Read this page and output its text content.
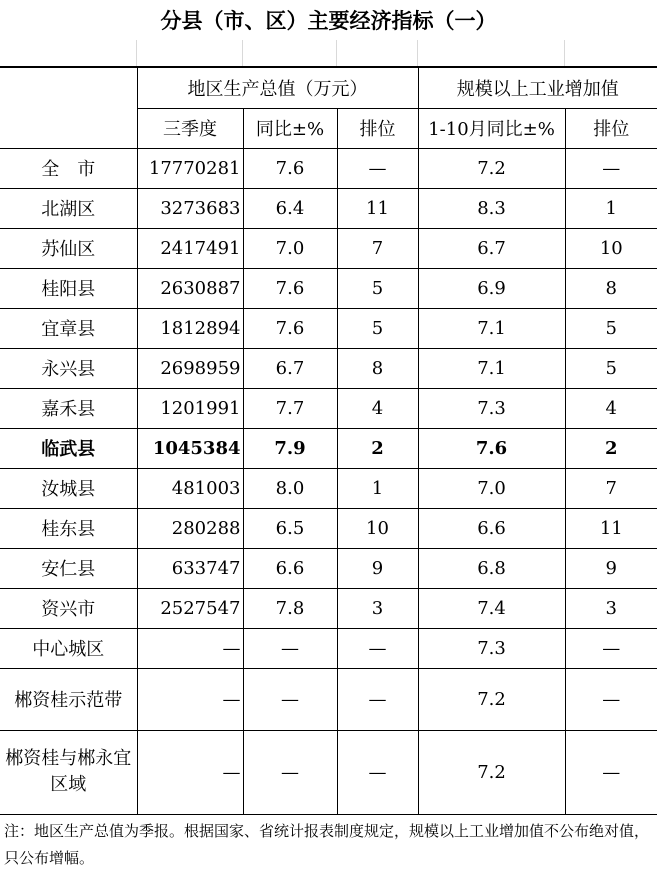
分县（市、区）主要经济指标（一）
	地区生产总值（万元）			规模以上工业增加值	
	三季度	同比±%	排位	1-10月同比±%	排位
全　市	17770281	7.6	—	7.2	—
北湖区	3273683	6.4	11	8.3	1
苏仙区	2417491	7.0	7	6.7	10
桂阳县	2630887	7.6	5	6.9	8
宜章县	1812894	7.6	5	7.1	5
永兴县	2698959	6.7	8	7.1	5
嘉禾县	1201991	7.7	4	7.3	4
临武县	1045384	7.9	2	7.6	2
汝城县	481003	8.0	1	7.0	7
桂东县	280288	6.5	10	6.6	11
安仁县	633747	6.6	9	6.8	9
资兴市	2527547	7.8	3	7.4	3
中心城区	—	—	—	7.3	—
郴资桂示范带	—	—	—	7.2	—
郴资桂与郴永宜区域	—	—	—	7.2	—
注：地区生产总值为季报。根据国家、省统计报表制度规定，规模以上工业增加值不公布绝对值，只公布增幅。
